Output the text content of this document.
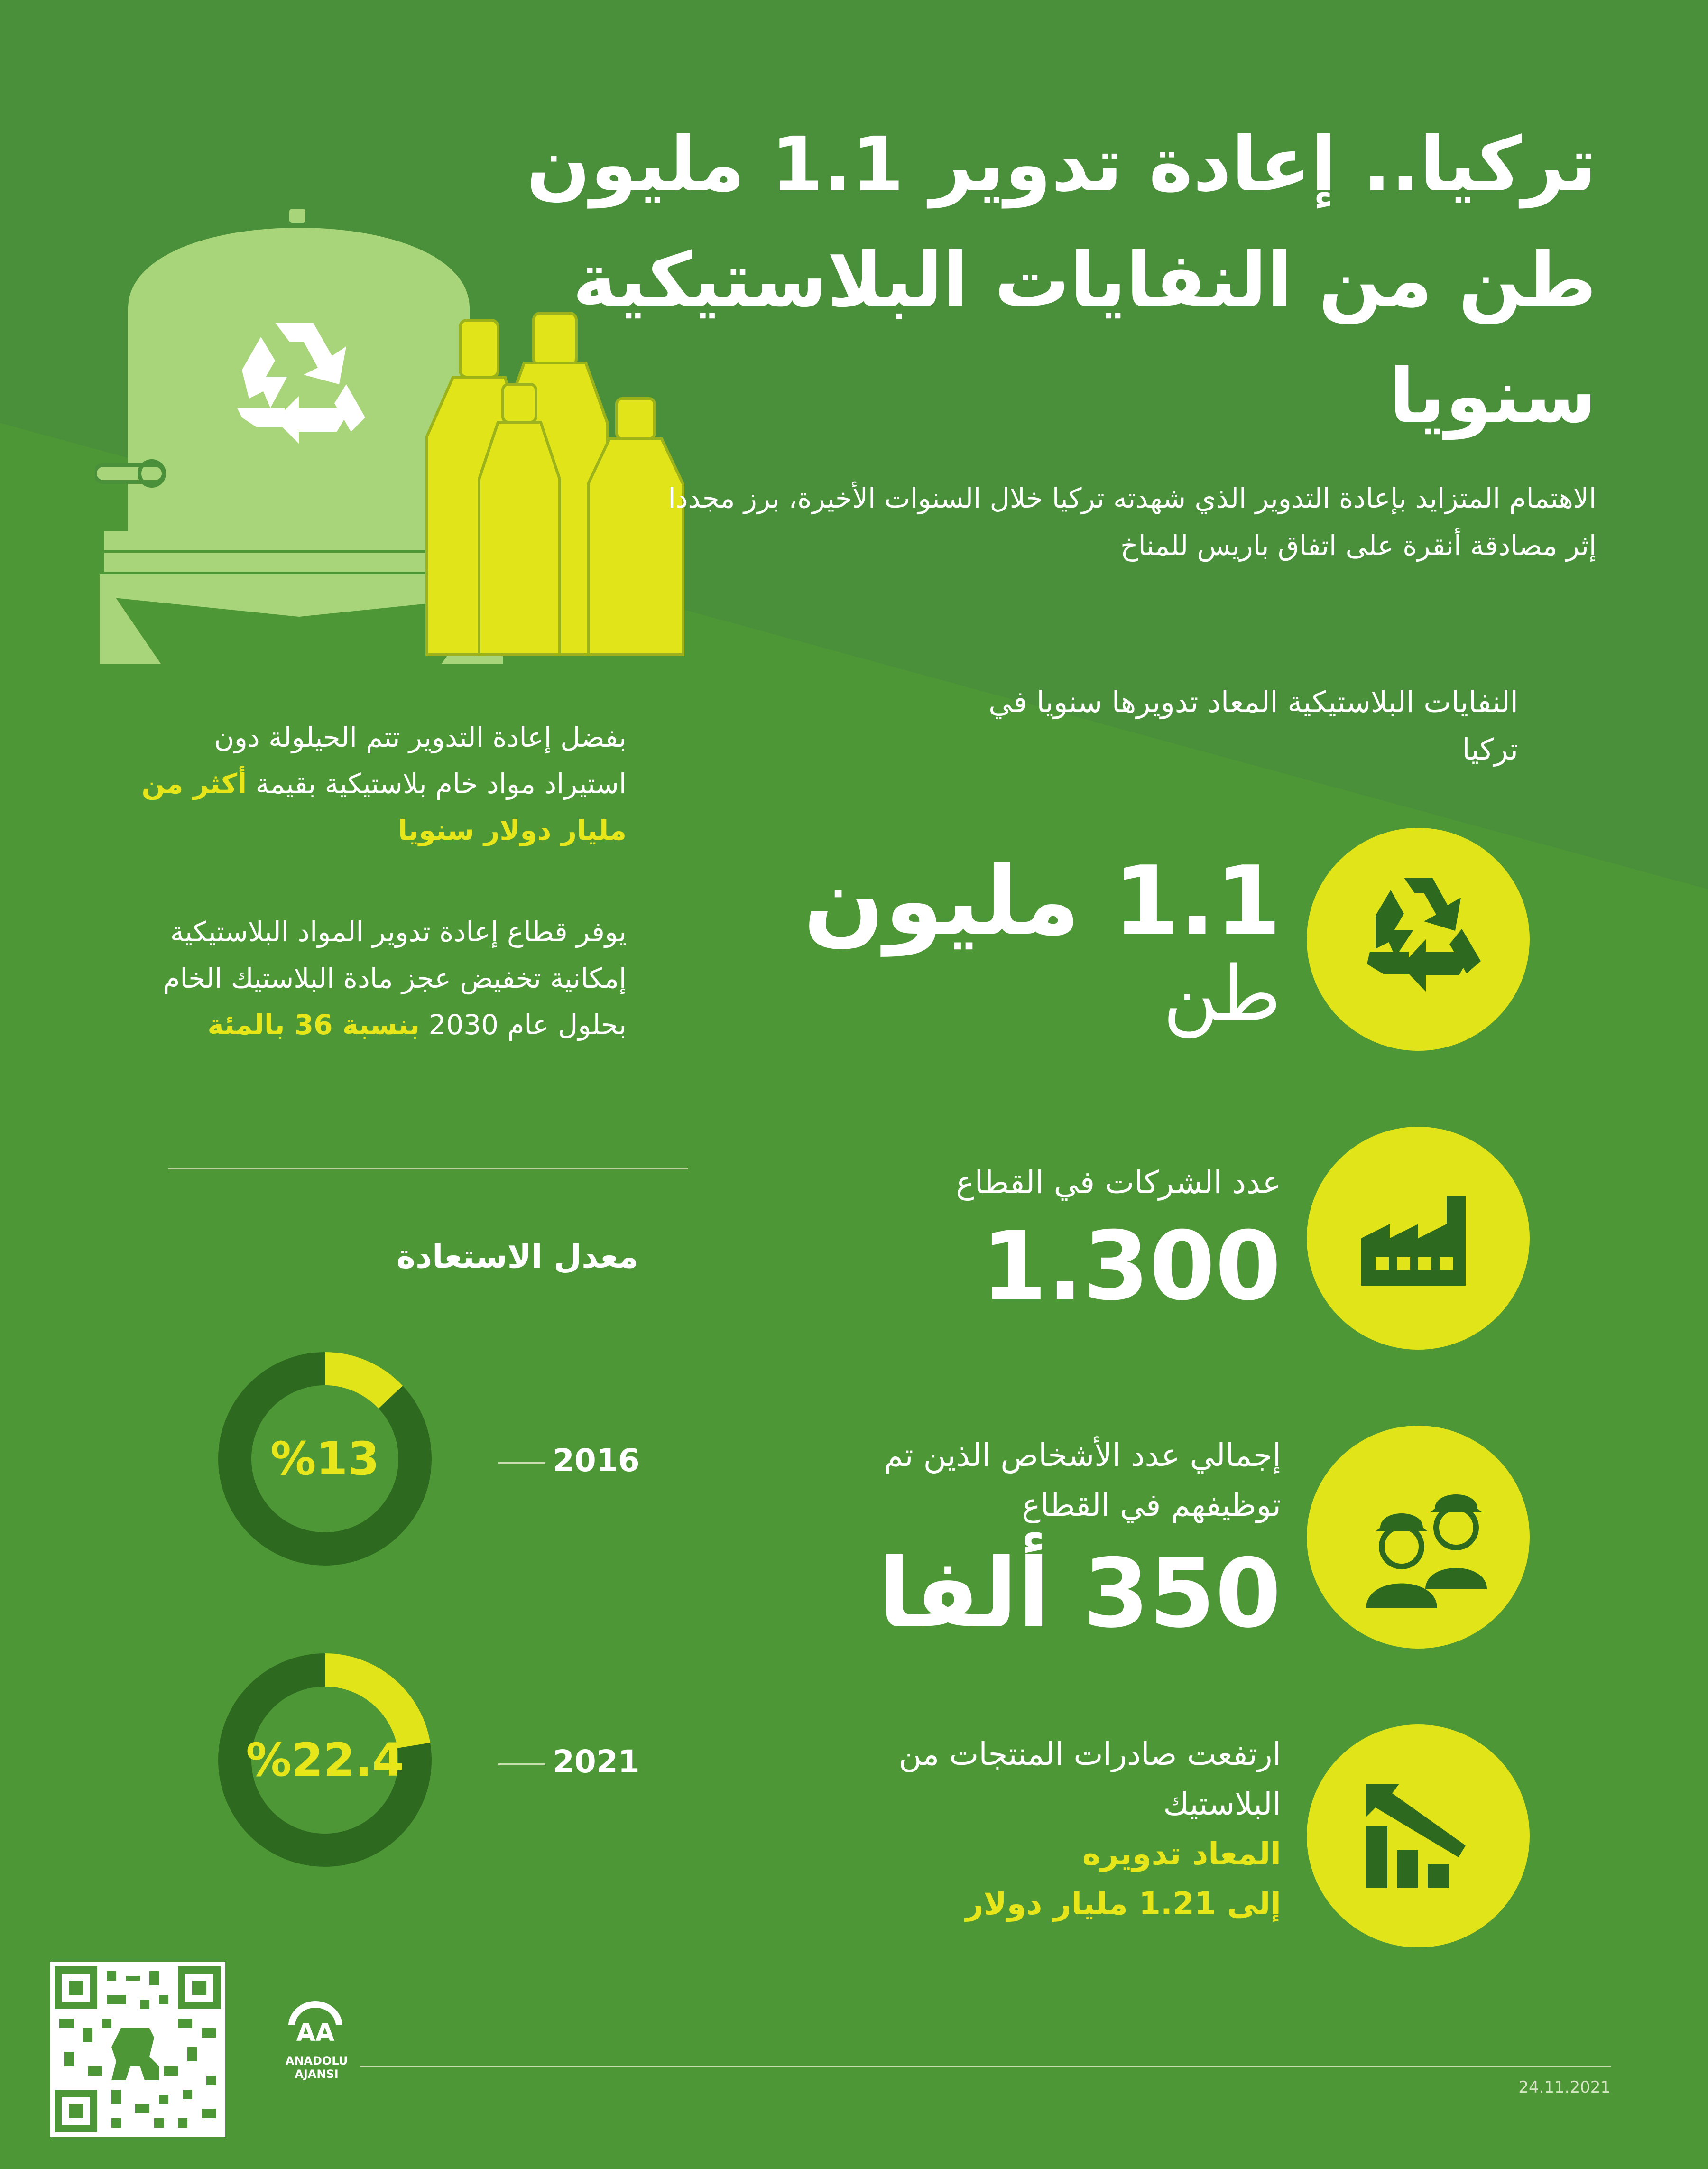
تركيا.. إعادة تدوير 1.1 مليون طن من النفايات البلاستيكية سنويا
الاهتمام المتزايد بإعادة التدوير الذي شهدته تركيا خلال السنوات الأخيرة، برز مجددا إثر مصادقة أنقرة على اتفاق باريس للمناخ
النفايات البلاستيكية المعاد تدويرها سنويا في تركيا
1.1 مليون
طن
عدد الشركات في القطاع
1.300
إجمالي عدد الأشخاص الذين تم توظيفهم في القطاع
350 ألفا
ارتفعت صادرات المنتجات من البلاستيك
المعاد تدويره
إلى 1.21 مليار دولار
بفضل إعادة التدوير تتم الحيلولة دون استيراد مواد خام بلاستيكية بقيمة أكثر من مليار دولار سنويا
يوفر قطاع إعادة تدوير المواد البلاستيكية إمكانية تخفيض عجز مادة البلاستيك الخام بحلول عام 2030 بنسبة 36 بالمئة
معدل الاستعادة
%13	2016
%22.4	2021
AA
ANADOLU AJANSI
24.11.2021
